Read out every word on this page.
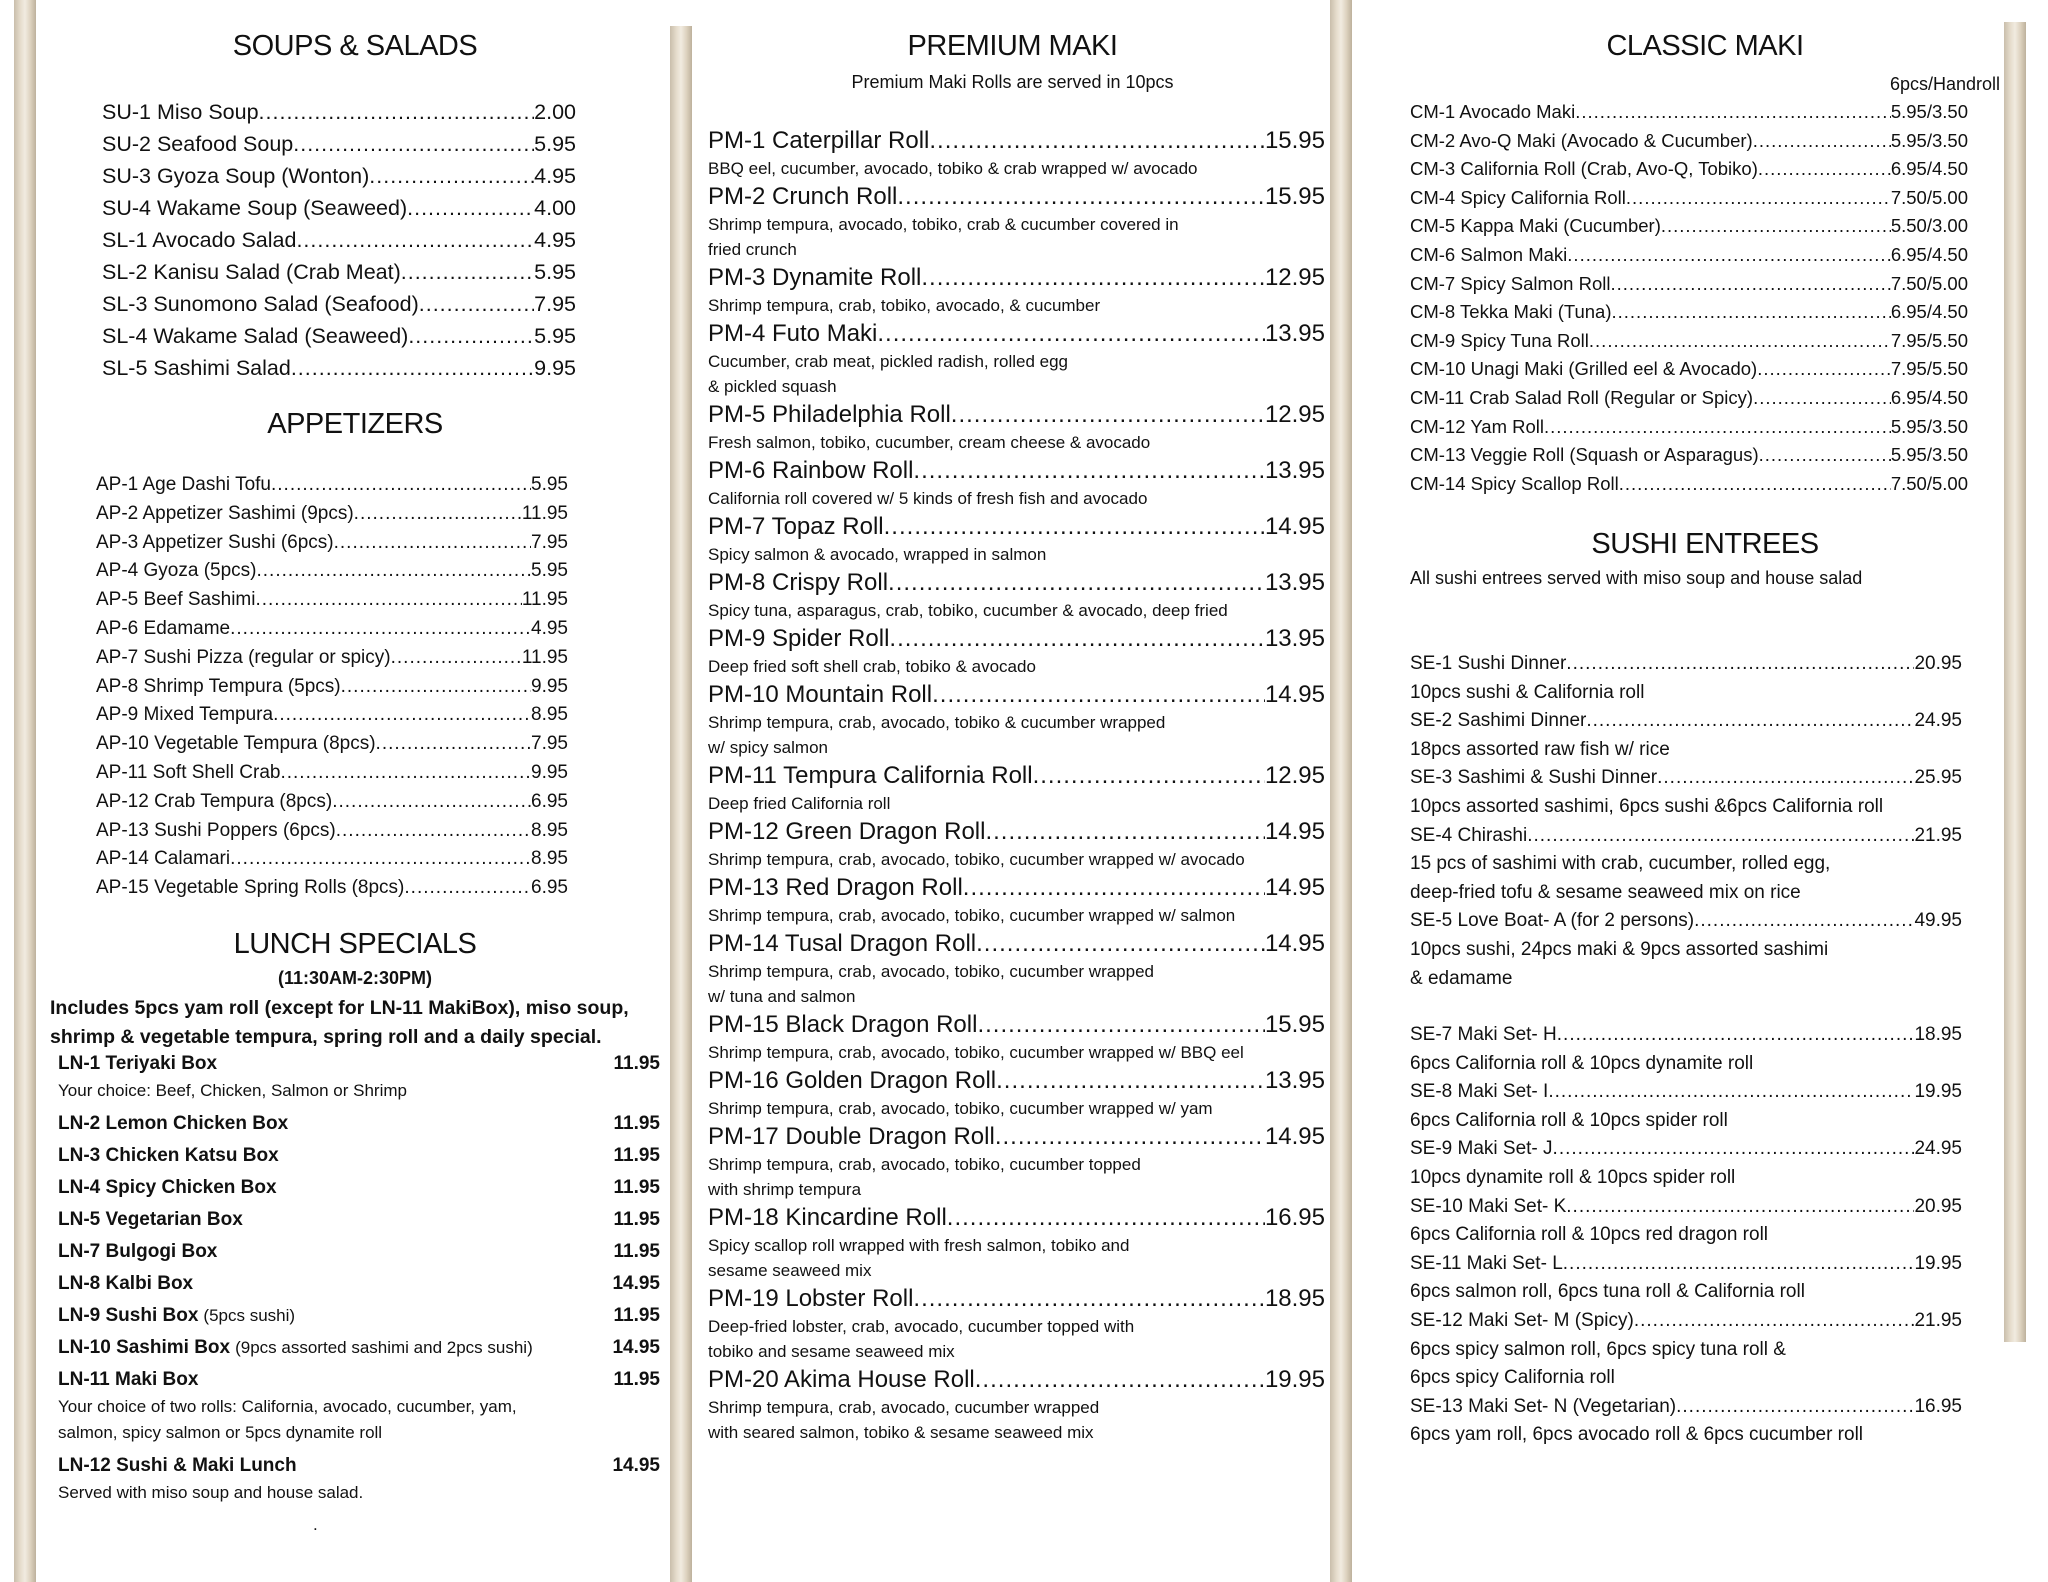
SOUPS & SALADS
SU-1 Miso Soup .....	2.00
SU-2 Seafood Soup .....	5.95
SU-3 Gyoza Soup (Wonton) .....	4.95
SU-4 Wakame Soup (Seaweed) .....	4.00
SL-1 Avocado Salad .....	4.95
SL-2 Kanisu Salad (Crab Meat) .....	5.95
SL-3 Sunomono Salad (Seafood) .....	7.95
SL-4 Wakame Salad (Seaweed) .....	5.95
SL-5 Sashimi Salad .....	9.95
APPETIZERS
AP-1 Age Dashi Tofu .....	5.95
AP-2 Appetizer Sashimi (9pcs) .....	11.95
AP-3 Appetizer Sushi (6pcs) .....	7.95
AP-4 Gyoza (5pcs) .....	5.95
AP-5 Beef Sashimi .....	11.95
AP-6 Edamame .....	4.95
AP-7 Sushi Pizza (regular or spicy) .....	11.95
AP-8 Shrimp Tempura (5pcs) .....	9.95
AP-9 Mixed Tempura .....	8.95
AP-10 Vegetable Tempura (8pcs) .....	7.95
AP-11 Soft Shell Crab .....	9.95
AP-12 Crab Tempura (8pcs) .....	6.95
AP-13 Sushi Poppers (6pcs) .....	8.95
AP-14 Calamari .....	8.95
AP-15 Vegetable Spring Rolls (8pcs) .....	6.95
LUNCH SPECIALS
(11:30AM-2:30PM)
Includes 5pcs yam roll (except for LN-11 MakiBox), miso soup, shrimp & vegetable tempura, spring roll and a daily special.
LN-1 Teriyaki Box	11.95
Your choice: Beef, Chicken, Salmon or Shrimp
LN-2 Lemon Chicken Box	11.95
LN-3 Chicken Katsu Box	11.95
LN-4 Spicy Chicken Box	11.95
LN-5 Vegetarian Box	11.95
LN-7 Bulgogi Box	11.95
LN-8 Kalbi Box	14.95
LN-9 Sushi Box (5pcs sushi)	11.95
LN-10 Sashimi Box (9pcs assorted sashimi and 2pcs sushi)	14.95
LN-11 Maki Box	11.95
Your choice of two rolls: California, avocado, cucumber, yam,
salmon, spicy salmon or 5pcs dynamite roll
LN-12 Sushi & Maki Lunch	14.95
Served with miso soup and house salad.
.
PREMIUM MAKI
Premium Maki Rolls are served in 10pcs
PM-1 Caterpillar Roll .....	15.95
BBQ eel, cucumber, avocado, tobiko & crab wrapped w/ avocado
PM-2 Crunch Roll .....	15.95
Shrimp tempura, avocado, tobiko, crab & cucumber covered in
fried crunch
PM-3 Dynamite Roll .....	12.95
Shrimp tempura, crab, tobiko, avocado, & cucumber
PM-4 Futo Maki .....	13.95
Cucumber, crab meat, pickled radish, rolled egg
& pickled squash
PM-5 Philadelphia Roll .....	12.95
Fresh salmon, tobiko, cucumber, cream cheese & avocado
PM-6 Rainbow Roll .....	13.95
California roll covered w/ 5 kinds of fresh fish and avocado
PM-7 Topaz Roll .....	14.95
Spicy salmon & avocado, wrapped in salmon
PM-8 Crispy Roll .....	13.95
Spicy tuna, asparagus, crab, tobiko, cucumber & avocado, deep fried
PM-9 Spider Roll .....	13.95
Deep fried soft shell crab, tobiko & avocado
PM-10 Mountain Roll .....	14.95
Shrimp tempura, crab, avocado, tobiko & cucumber wrapped
w/ spicy salmon
PM-11 Tempura California Roll .....	12.95
Deep fried California roll
PM-12 Green Dragon Roll .....	14.95
Shrimp tempura, crab, avocado, tobiko, cucumber wrapped w/ avocado
PM-13 Red Dragon Roll .....	14.95
Shrimp tempura, crab, avocado, tobiko, cucumber wrapped w/ salmon
PM-14 Tusal Dragon Roll .....	14.95
Shrimp tempura, crab, avocado, tobiko, cucumber wrapped
w/ tuna and salmon
PM-15 Black Dragon Roll .....	15.95
Shrimp tempura, crab, avocado, tobiko, cucumber wrapped w/ BBQ eel
PM-16 Golden Dragon Roll .....	13.95
Shrimp tempura, crab, avocado, tobiko, cucumber wrapped w/ yam
PM-17 Double Dragon Roll .....	14.95
Shrimp tempura, crab, avocado, tobiko, cucumber topped
with shrimp tempura
PM-18 Kincardine Roll .....	16.95
Spicy scallop roll wrapped with fresh salmon, tobiko and
sesame seaweed mix
PM-19 Lobster Roll .....	18.95
Deep-fried lobster, crab, avocado, cucumber topped with
tobiko and sesame seaweed mix
PM-20 Akima House Roll .....	19.95
Shrimp tempura, crab, avocado, cucumber wrapped
with seared salmon, tobiko & sesame seaweed mix
CLASSIC MAKI
6pcs/Handroll
CM-1 Avocado Maki .....	5.95/3.50
CM-2 Avo-Q Maki (Avocado & Cucumber) .....	5.95/3.50
CM-3 California Roll (Crab, Avo-Q, Tobiko) .....	6.95/4.50
CM-4 Spicy California Roll .....	7.50/5.00
CM-5 Kappa Maki (Cucumber) .....	5.50/3.00
CM-6 Salmon Maki .....	6.95/4.50
CM-7 Spicy Salmon Roll .....	7.50/5.00
CM-8 Tekka Maki (Tuna) .....	6.95/4.50
CM-9 Spicy Tuna Roll .....	7.95/5.50
CM-10 Unagi Maki (Grilled eel & Avocado) .....	7.95/5.50
CM-11 Crab Salad Roll (Regular or Spicy) .....	6.95/4.50
CM-12 Yam Roll .....	5.95/3.50
CM-13 Veggie Roll (Squash or Asparagus) .....	5.95/3.50
CM-14 Spicy Scallop Roll .....	7.50/5.00
SUSHI ENTREES
All sushi entrees served with miso soup and house salad
SE-1 Sushi Dinner .....	20.95
10pcs sushi & California roll
SE-2 Sashimi Dinner .....	24.95
18pcs assorted raw fish w/ rice
SE-3 Sashimi & Sushi Dinner .....	25.95
10pcs assorted sashimi, 6pcs sushi &6pcs California roll
SE-4 Chirashi .....	21.95
15 pcs of sashimi with crab, cucumber, rolled egg,
deep-fried tofu & sesame seaweed mix on rice
SE-5 Love Boat- A (for 2 persons) .....	49.95
10pcs sushi, 24pcs maki & 9pcs assorted sashimi
& edamame
SE-7 Maki Set- H .....	18.95
6pcs California roll & 10pcs dynamite roll
SE-8 Maki Set- I .....	19.95
6pcs California roll & 10pcs spider roll
SE-9 Maki Set- J .....	24.95
10pcs dynamite roll & 10pcs spider roll
SE-10 Maki Set- K .....	20.95
6pcs California roll & 10pcs red dragon roll
SE-11 Maki Set- L .....	19.95
6pcs salmon roll, 6pcs tuna roll & California roll
SE-12 Maki Set- M (Spicy) .....	21.95
6pcs spicy salmon roll, 6pcs spicy tuna roll &
6pcs spicy California roll
SE-13 Maki Set- N (Vegetarian) .....	16.95
6pcs yam roll, 6pcs avocado roll & 6pcs cucumber roll
